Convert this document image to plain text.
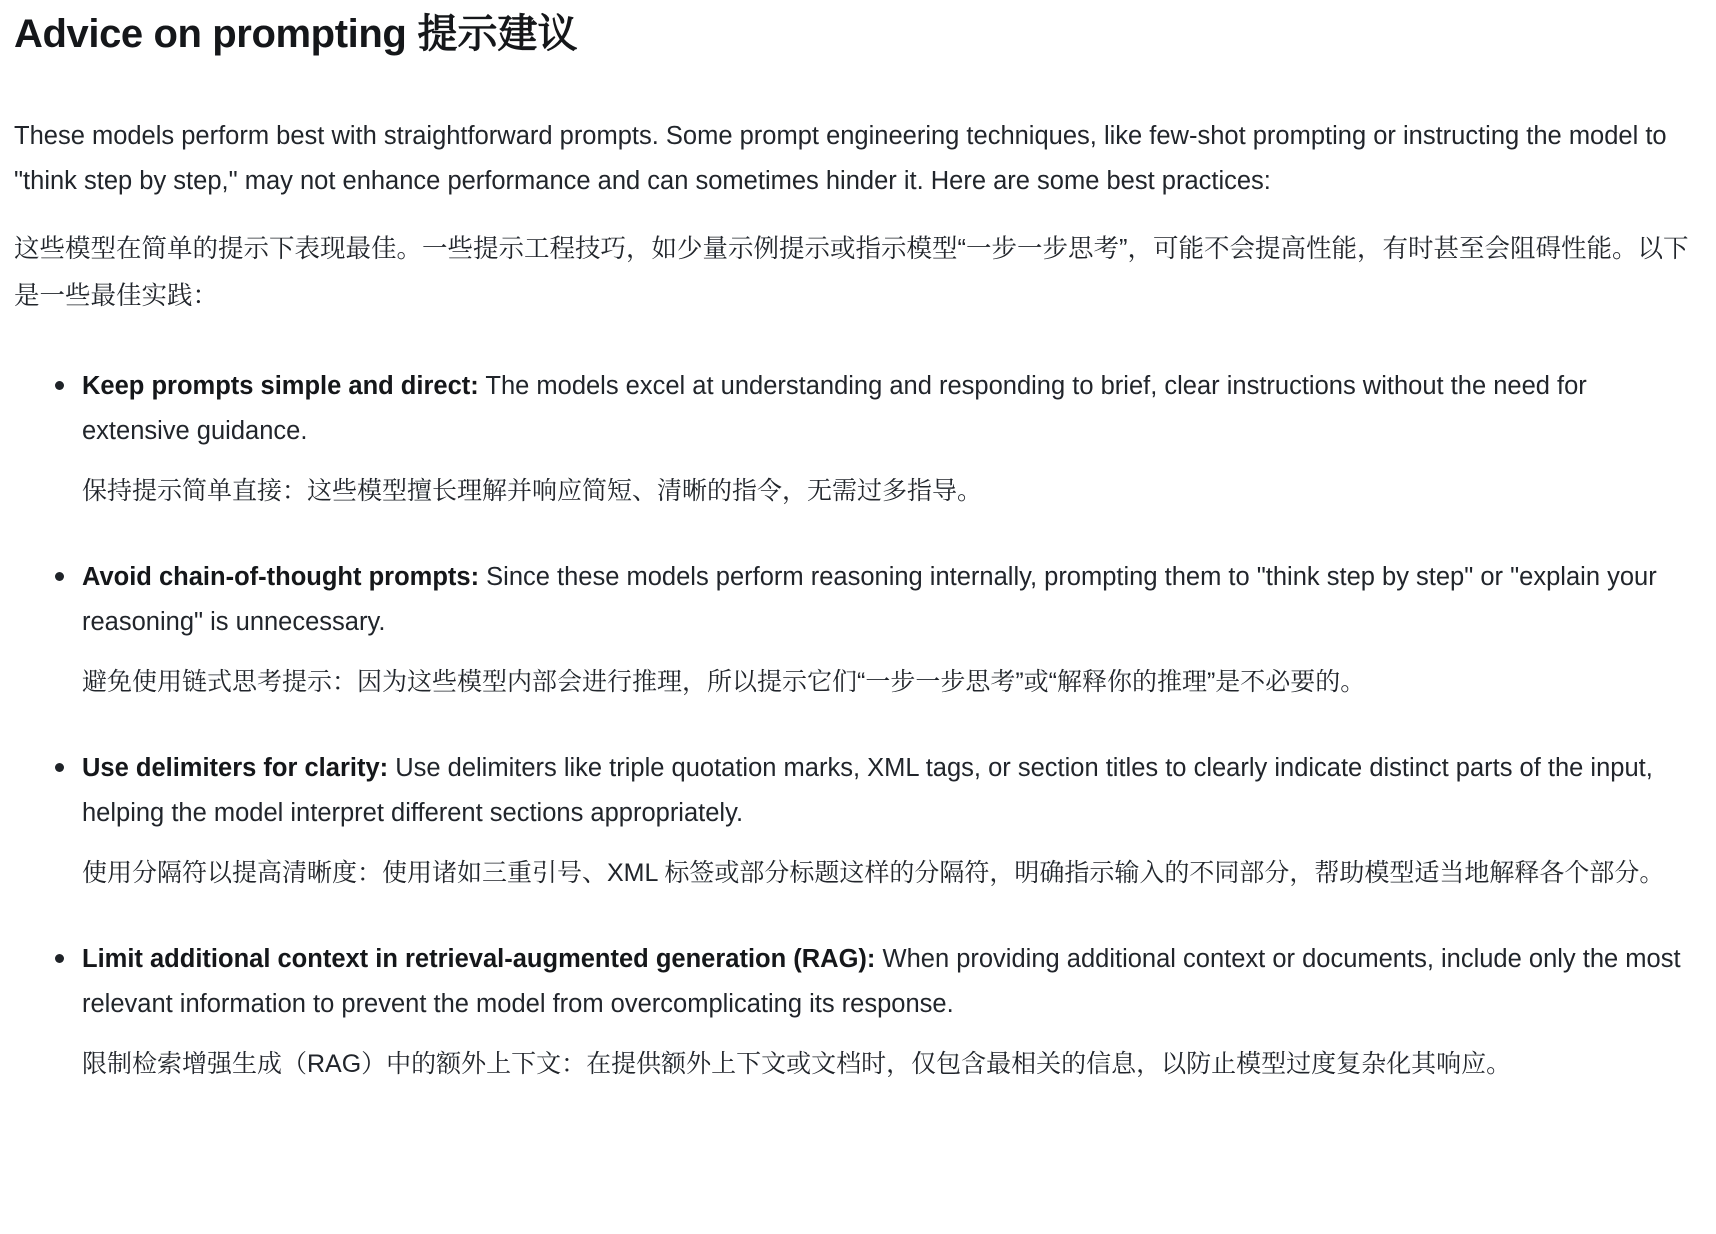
Advice on prompting 提示建议

These models perform best with straightforward prompts. Some prompt engineering techniques, like few-shot prompting or instructing the model to "think step by step," may not enhance performance and can sometimes hinder it. Here are some best practices:

这些模型在简单的提示下表现最佳。一些提示工程技巧，如少量示例提示或指示模型“一步一步思考”，可能不会提高性能，有时甚至会阻碍性能。以下是一些最佳实践：

Keep prompts simple and direct: The models excel at understanding and responding to brief, clear instructions without the need for extensive guidance.

保持提示简单直接：这些模型擅长理解并响应简短、清晰的指令，无需过多指导。

Avoid chain-of-thought prompts: Since these models perform reasoning internally, prompting them to "think step by step" or "explain your reasoning" is unnecessary.

避免使用链式思考提示：因为这些模型内部会进行推理，所以提示它们“一步一步思考”或“解释你的推理”是不必要的。

Use delimiters for clarity: Use delimiters like triple quotation marks, XML tags, or section titles to clearly indicate distinct parts of the input, helping the model interpret different sections appropriately.

使用分隔符以提高清晰度：使用诸如三重引号、XML 标签或部分标题这样的分隔符，明确指示输入的不同部分，帮助模型适当地解释各个部分。

Limit additional context in retrieval-augmented generation (RAG): When providing additional context or documents, include only the most relevant information to prevent the model from overcomplicating its response.

限制检索增强生成（RAG）中的额外上下文：在提供额外上下文或文档时，仅包含最相关的信息，以防止模型过度复杂化其响应。
